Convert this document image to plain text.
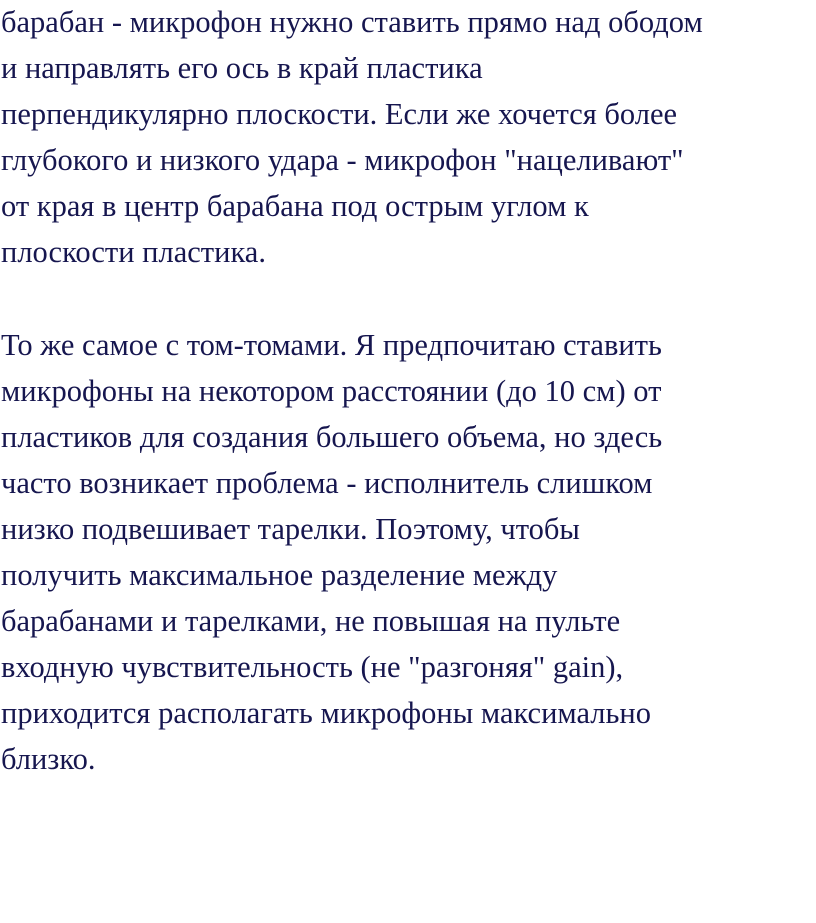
барабан - микрофон нужно ставить прямо над ободом

и направлять его ось в край пластика

перпендикулярно плоскости. Если же хочется более

глубокого и низкого удара - микрофон "нацеливают"

от края в центр барабана под острым углом к

плоскости пластика.

То же самое с том-томами. Я предпочитаю ставить

микрофоны на некотором расстоянии (до 10 см) от

пластиков для создания большего объема, но здесь

часто возникает проблема - исполнитель слишком

низко подвешивает тарелки. Поэтому, чтобы

получить максимальное разделение между

барабанами и тарелками, не повышая на пульте

входную чувствительность (не "разгоняя" gain),

приходится располагать микрофоны максимально

близко.
